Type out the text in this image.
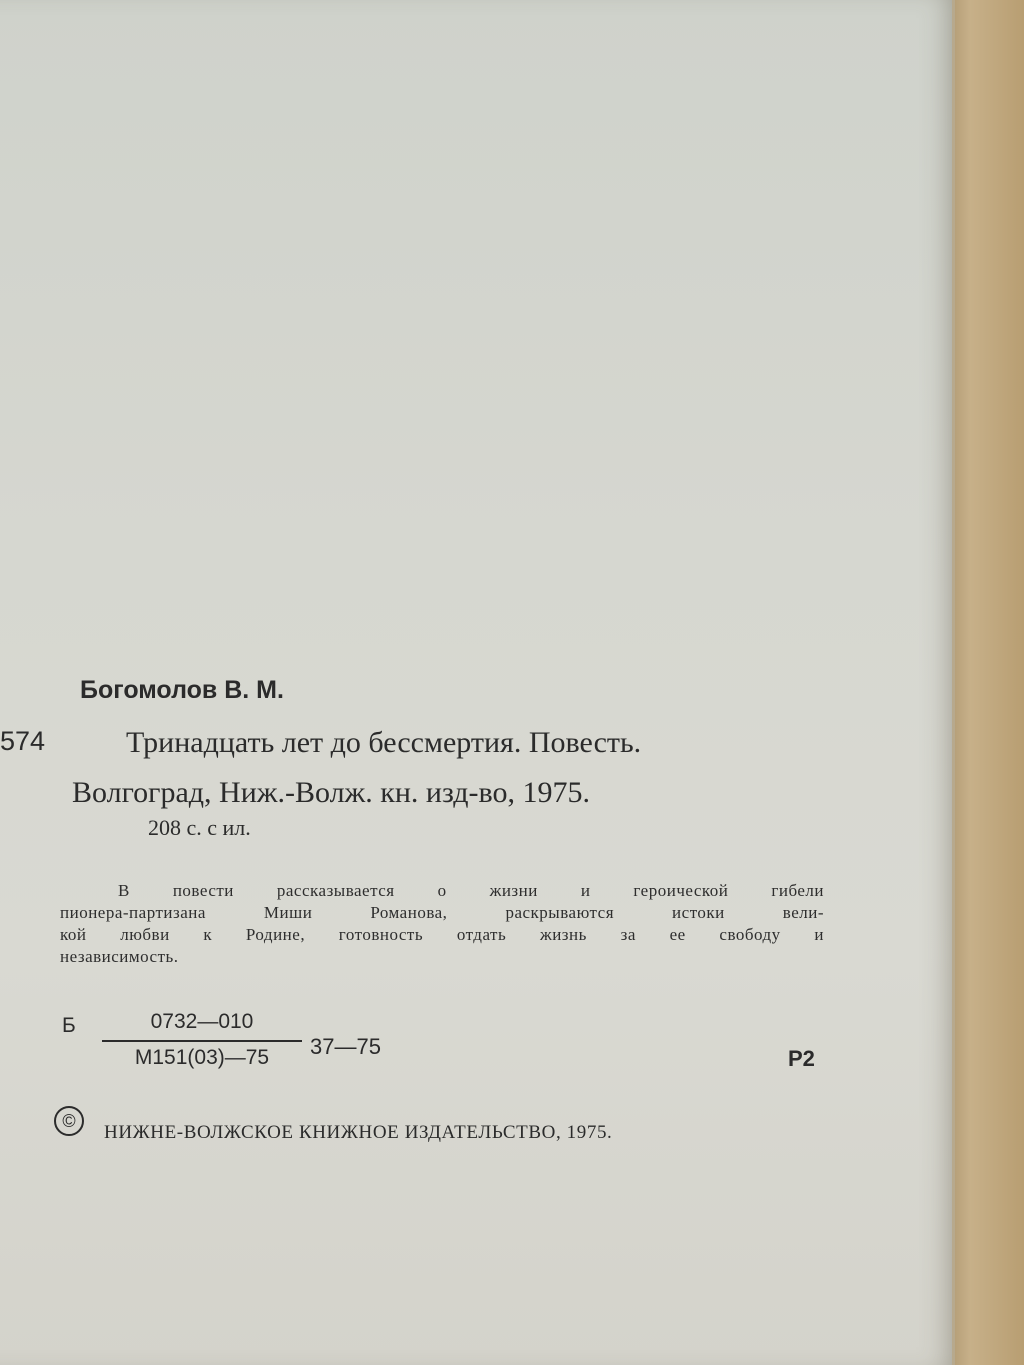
Богомолов В. М.
574	Тринадцать лет до бессмертия. Повесть.
Волгоград, Ниж.-Волж. кн. изд-во, 1975.
208 с. с ил.

В повести рассказывается о жизни и героической гибели

пионера-партизана Миши Романова, раскрываются истоки вели-

кой любви к Родине, готовность отдать жизнь за ее свободу и

независимость.

Б	0732—010
М151(03)—75	37—75	Р2
©
НИЖНЕ-ВОЛЖСКОЕ КНИЖНОЕ ИЗДАТЕЛЬСТВО, 1975.
